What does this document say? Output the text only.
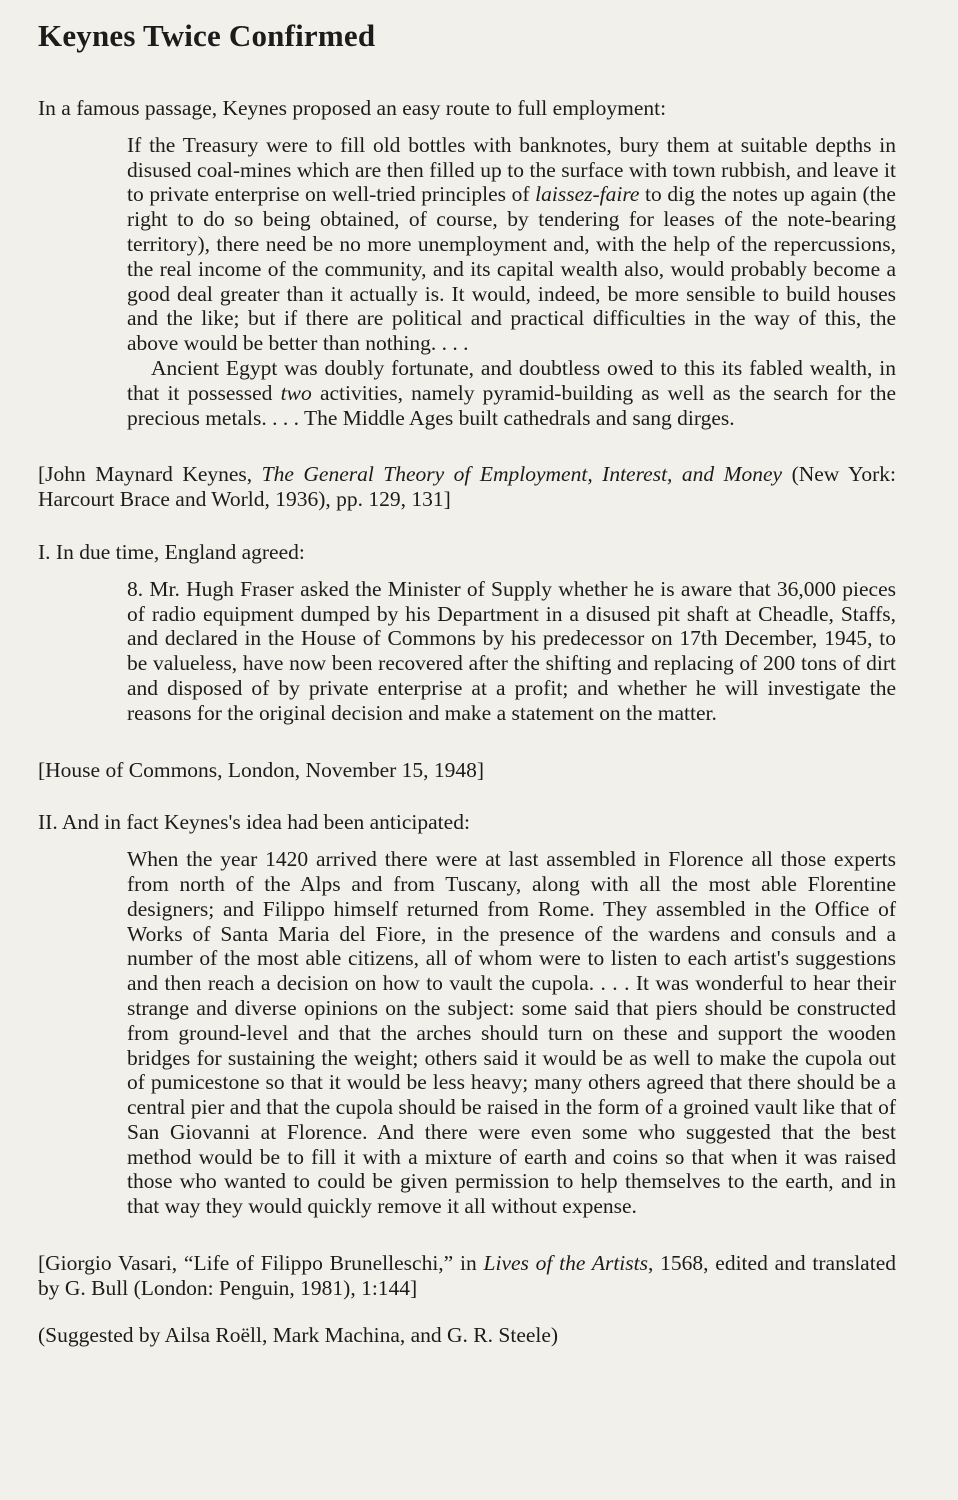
Keynes Twice Confirmed

In a famous passage, Keynes proposed an easy route to full employment:

If the Treasury were to fill old bottles with banknotes, bury them at suitable depths in disused coal-mines which are then filled up to the surface with town rubbish, and leave it to private enterprise on well-tried principles of laissez-faire to dig the notes up again (the right to do so being obtained, of course, by tendering for leases of the note-bearing territory), there need be no more unemployment and, with the help of the repercussions, the real income of the community, and its capital wealth also, would probably become a good deal greater than it actually is. It would, indeed, be more sensible to build houses and the like; but if there are political and practical difficulties in the way of this, the above would be better than nothing. . . .

Ancient Egypt was doubly fortunate, and doubtless owed to this its fabled wealth, in that it possessed two activities, namely pyramid-building as well as the search for the precious metals. . . . The Middle Ages built cathedrals and sang dirges.

[John Maynard Keynes, The General Theory of Employment, Interest, and Money (New York: Harcourt Brace and World, 1936), pp. 129, 131]

I. In due time, England agreed:

8. Mr. Hugh Fraser asked the Minister of Supply whether he is aware that 36,000 pieces of radio equipment dumped by his Department in a disused pit shaft at Cheadle, Staffs, and declared in the House of Commons by his predecessor on 17th December, 1945, to be valueless, have now been recovered after the shifting and replacing of 200 tons of dirt and disposed of by private enterprise at a profit; and whether he will investigate the reasons for the original decision and make a statement on the matter.

[House of Commons, London, November 15, 1948]

II. And in fact Keynes's idea had been anticipated:

When the year 1420 arrived there were at last assembled in Florence all those experts from north of the Alps and from Tuscany, along with all the most able Florentine designers; and Filippo himself returned from Rome. They assembled in the Office of Works of Santa Maria del Fiore, in the presence of the wardens and consuls and a number of the most able citizens, all of whom were to listen to each artist's suggestions and then reach a decision on how to vault the cupola. . . . It was wonderful to hear their strange and diverse opinions on the subject: some said that piers should be constructed from ground-level and that the arches should turn on these and support the wooden bridges for sustaining the weight; others said it would be as well to make the cupola out of pumicestone so that it would be less heavy; many others agreed that there should be a central pier and that the cupola should be raised in the form of a groined vault like that of San Giovanni at Florence. And there were even some who suggested that the best method would be to fill it with a mixture of earth and coins so that when it was raised those who wanted to could be given permission to help themselves to the earth, and in that way they would quickly remove it all without expense.

[Giorgio Vasari, “Life of Filippo Brunelleschi,” in Lives of the Artists, 1568, edited and translated by G. Bull (London: Penguin, 1981), 1:144]

(Suggested by Ailsa Roëll, Mark Machina, and G. R. Steele)
